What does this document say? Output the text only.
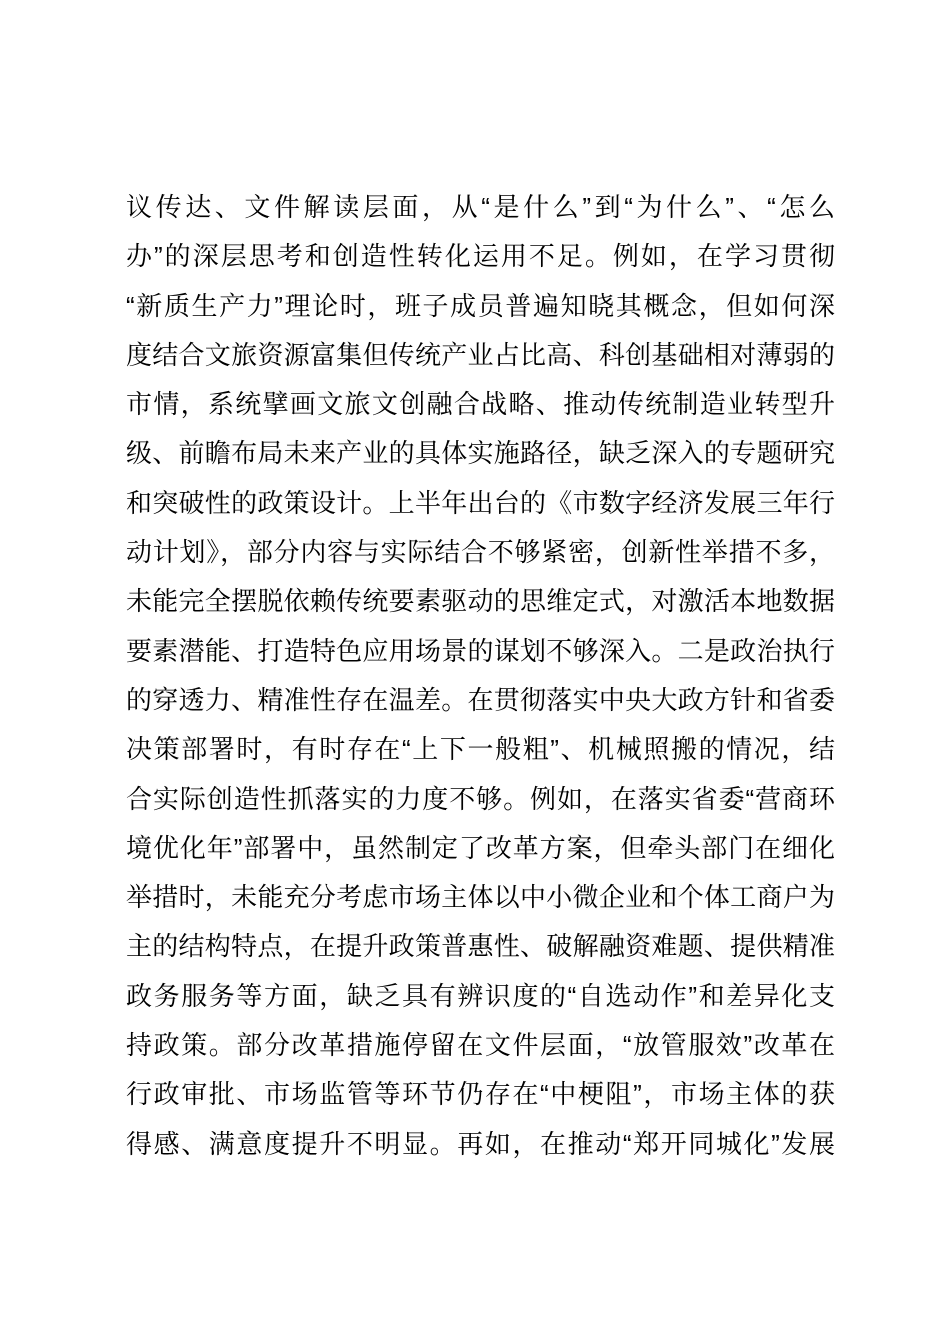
议传达、文件解读层面，从“是什么”到“为什么”、“怎么
办”的深层思考和创造性转化运用不足。例如，在学习贯彻
“新质生产力”理论时，班子成员普遍知晓其概念，但如何深
度结合文旅资源富集但传统产业占比高、科创基础相对薄弱的
市情，系统擘画文旅文创融合战略、推动传统制造业转型升
级、前瞻布局未来产业的具体实施路径，缺乏深入的专题研究
和突破性的政策设计。上半年出台的《市数字经济发展三年行
动计划》，部分内容与实际结合不够紧密，创新性举措不多，
未能完全摆脱依赖传统要素驱动的思维定式，对激活本地数据
要素潜能、打造特色应用场景的谋划不够深入。二是政治执行
的穿透力、精准性存在温差。在贯彻落实中央大政方针和省委
决策部署时，有时存在“上下一般粗”、机械照搬的情况，结
合实际创造性抓落实的力度不够。例如，在落实省委“营商环
境优化年”部署中，虽然制定了改革方案，但牵头部门在细化
举措时，未能充分考虑市场主体以中小微企业和个体工商户为
主的结构特点，在提升政策普惠性、破解融资难题、提供精准
政务服务等方面，缺乏具有辨识度的“自选动作”和差异化支
持政策。部分改革措施停留在文件层面，“放管服效”改革在
行政审批、市场监管等环节仍存在“中梗阻”，市场主体的获
得感、满意度提升不明显。再如，在推动“郑开同城化”发展
